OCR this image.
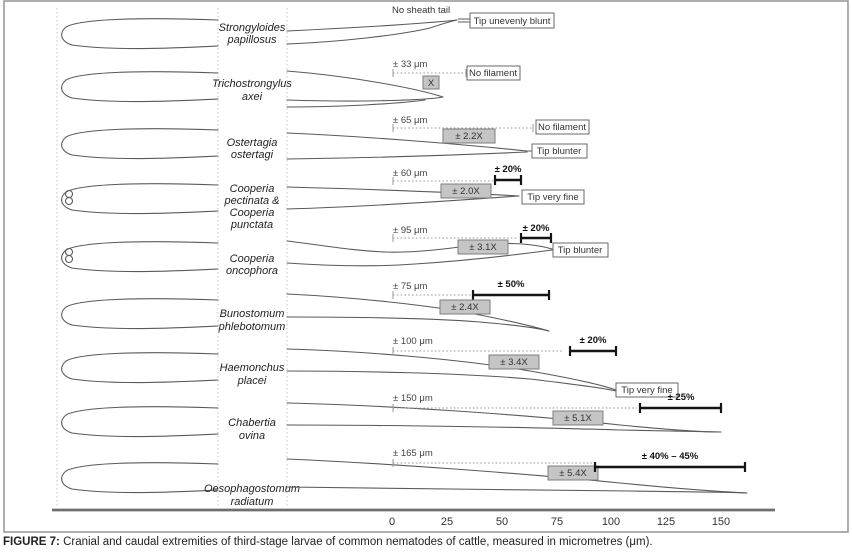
Strongyloides
papillosus
No sheath tail
Tip unevenly blunt
Trichostrongylus
axei
± 33 μm
X
No filament
Ostertagia
ostertagi
± 65 μm
± 2.2X
No filament
Tip blunter
Cooperia
pectinata &
Cooperia
punctata
± 60 μm
± 2.0X
± 20%
Tip very fine
Cooperia
oncophora
± 95 μm
± 3.1X
± 20%
Tip blunter
Bunostomum
phlebotomum
± 75 μm	± 50%
± 2.4X
Haemonchus
placei
± 100 μm
± 3.4X
± 20%
Tip very fine
Chabertia
ovina
± 150 μm
± 5.1X
± 25%
Oesophagostomum
radiatum
± 165 μm
± 5.4X
± 40% – 45%
0	25	50	75	100	125	150
FIGURE 7: Cranial and caudal extremities of third-stage larvae of common nematodes of cattle, measured in micrometres (μm).
